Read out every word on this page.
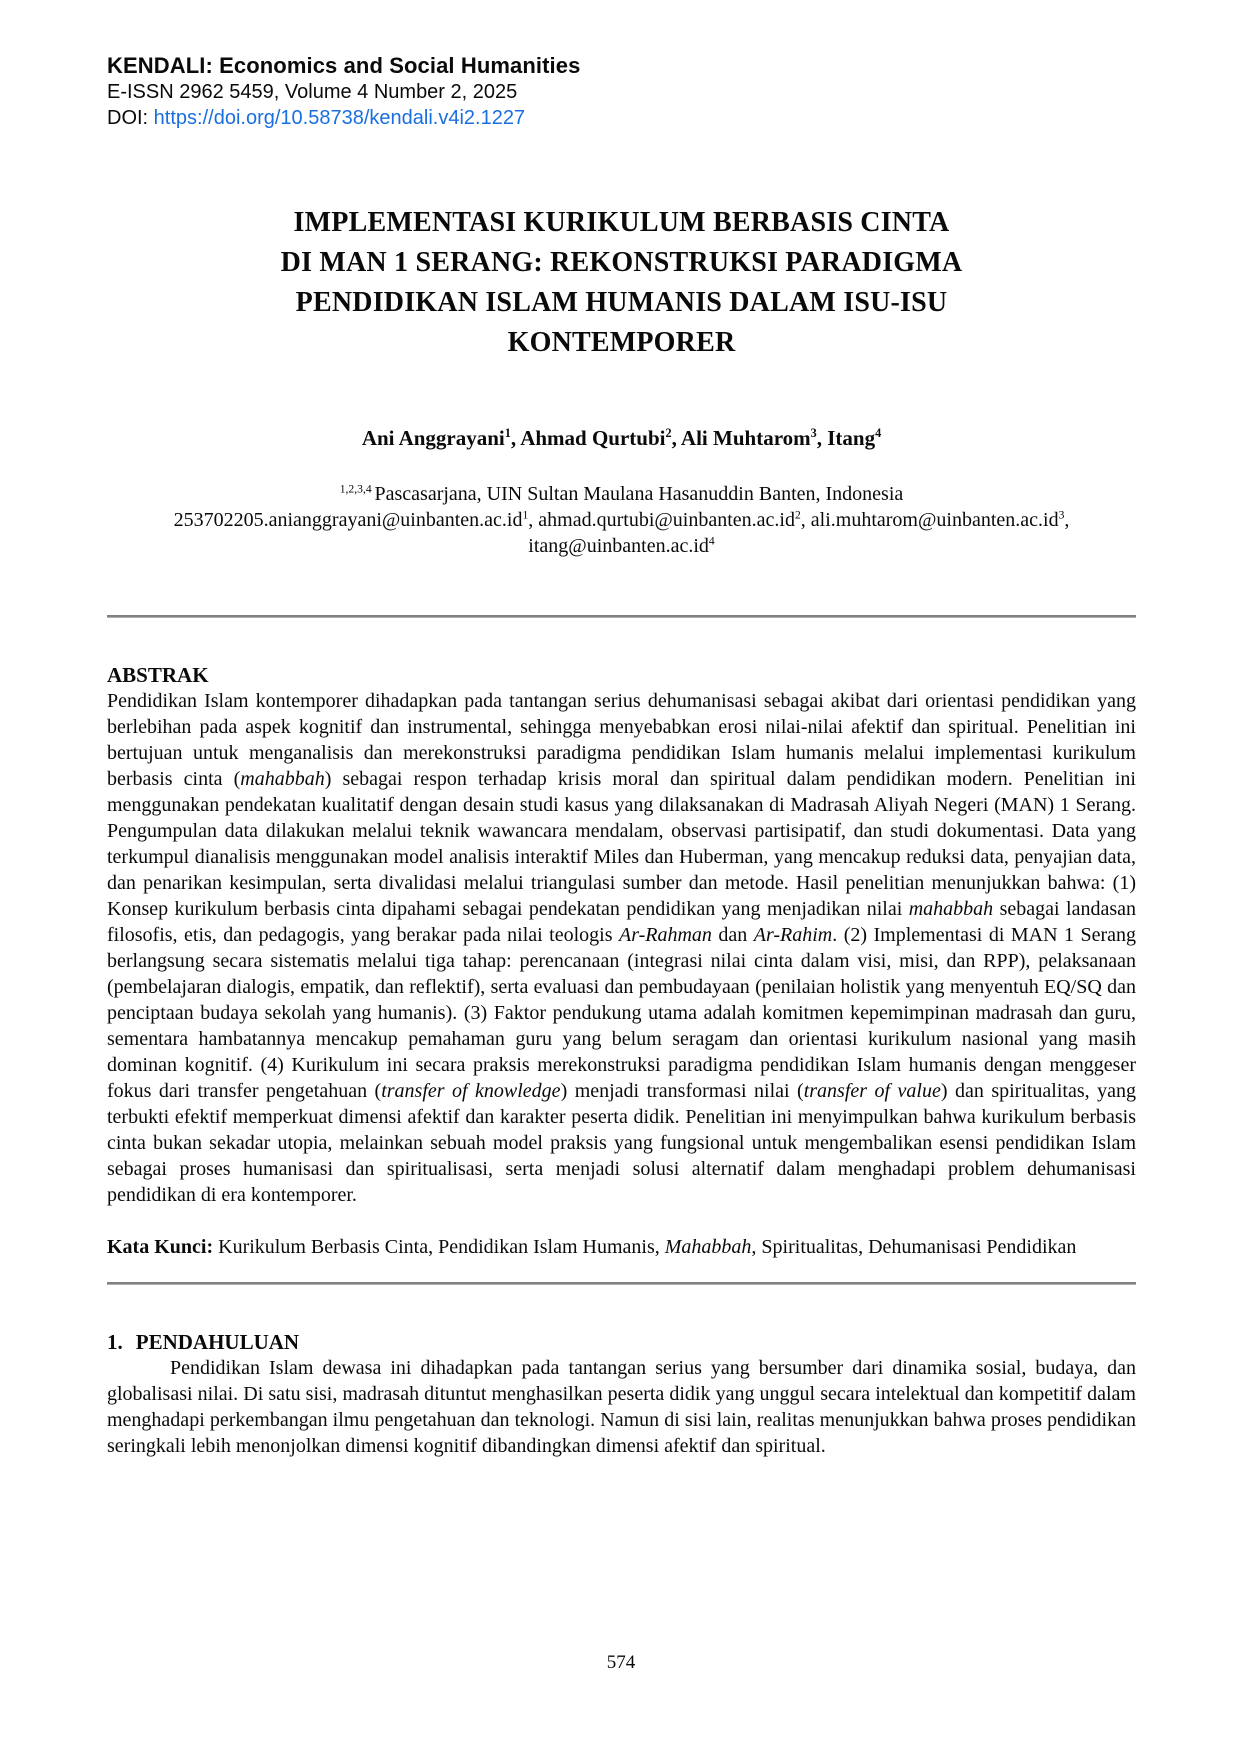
KENDALI: Economics and Social Humanities
E-ISSN 2962 5459, Volume 4 Number 2, 2025
DOI: https://doi.org/10.58738/kendali.v4i2.1227
IMPLEMENTASI KURIKULUM BERBASIS CINTA
DI MAN 1 SERANG: REKONSTRUKSI PARADIGMA
PENDIDIKAN ISLAM HUMANIS DALAM ISU-ISU
KONTEMPORER
Ani Anggrayani$^1$, Ahmad Qurtubi$^2$, Ali Muhtarom$^3$, Itang$^4$
$^{1,2,3,4}$ Pascasarjana, UIN Sultan Maulana Hasanuddin Banten, Indonesia
$253702205.anianggrayani@uinbanten.ac.id^1$, $ahmad.qurtubi@uinbanten.ac.id^2$, $ali.muhtarom@uinbanten.ac.id^3$, $itang@uinbanten.ac.id^4$
ABSTRAK
Pendidikan Islam kontemporer dihadapkan pada tantangan serius dehumanisasi sebagai akibat dari orientasi pendidikan yang berlebihan pada aspek kognitif dan instrumental, sehingga menyebabkan erosi nilai-nilai afektif dan spiritual. Penelitian ini bertujuan untuk menganalisis dan merekonstruksi paradigma pendidikan Islam humanis melalui implementasi kurikulum berbasis cinta (mahabbah) sebagai respon terhadap krisis moral dan spiritual dalam pendidikan modern. Penelitian ini menggunakan pendekatan kualitatif dengan desain studi kasus yang dilaksanakan di Madrasah Aliyah Negeri (MAN) 1 Serang. Pengumpulan data dilakukan melalui teknik wawancara mendalam, observasi partisipatif, dan studi dokumentasi. Data yang terkumpul dianalisis menggunakan model analisis interaktif Miles dan Huberman, yang mencakup reduksi data, penyajian data, dan penarikan kesimpulan, serta divalidasi melalui triangulasi sumber dan metode. Hasil penelitian menunjukkan bahwa: (1) Konsep kurikulum berbasis cinta dipahami sebagai pendekatan pendidikan yang menjadikan nilai mahabbah sebagai landasan filosofis, etis, dan pedagogis, yang berakar pada nilai teologis Ar-Rahman dan Ar-Rahim. (2) Implementasi di MAN 1 Serang berlangsung secara sistematis melalui tiga tahap: perencanaan (integrasi nilai cinta dalam visi, misi, dan RPP), pelaksanaan (pembelajaran dialogis, empatik, dan reflektif), serta evaluasi dan pembudayaan (penilaian holistik yang menyentuh EQ/SQ dan penciptaan budaya sekolah yang humanis). (3) Faktor pendukung utama adalah komitmen kepemimpinan madrasah dan guru, sementara hambatannya mencakup pemahaman guru yang belum seragam dan orientasi kurikulum nasional yang masih dominan kognitif. (4) Kurikulum ini secara praksis merekonstruksi paradigma pendidikan Islam humanis dengan menggeser fokus dari transfer pengetahuan (transfer of knowledge) menjadi transformasi nilai (transfer of value) dan spiritualitas, yang terbukti efektif memperkuat dimensi afektif dan karakter peserta didik. Penelitian ini menyimpulkan bahwa kurikulum berbasis cinta bukan sekadar utopia, melainkan sebuah model praksis yang fungsional untuk mengembalikan esensi pendidikan Islam sebagai proses humanisasi dan spiritualisasi, serta menjadi solusi alternatif dalam menghadapi problem dehumanisasi pendidikan di era kontemporer.
Kata Kunci: Kurikulum Berbasis Cinta, Pendidikan Islam Humanis, Mahabbah, Spiritualitas, Dehumanisasi Pendidikan
1. PENDAHULUAN
Pendidikan Islam dewasa ini dihadapkan pada tantangan serius yang bersumber dari dinamika sosial, budaya, dan globalisasi nilai. Di satu sisi, madrasah dituntut menghasilkan peserta didik yang unggul secara intelektual dan kompetitif dalam menghadapi perkembangan ilmu pengetahuan dan teknologi. Namun di sisi lain, realitas menunjukkan bahwa proses pendidikan seringkali lebih menonjolkan dimensi kognitif dibandingkan dimensi afektif dan spiritual.
574
